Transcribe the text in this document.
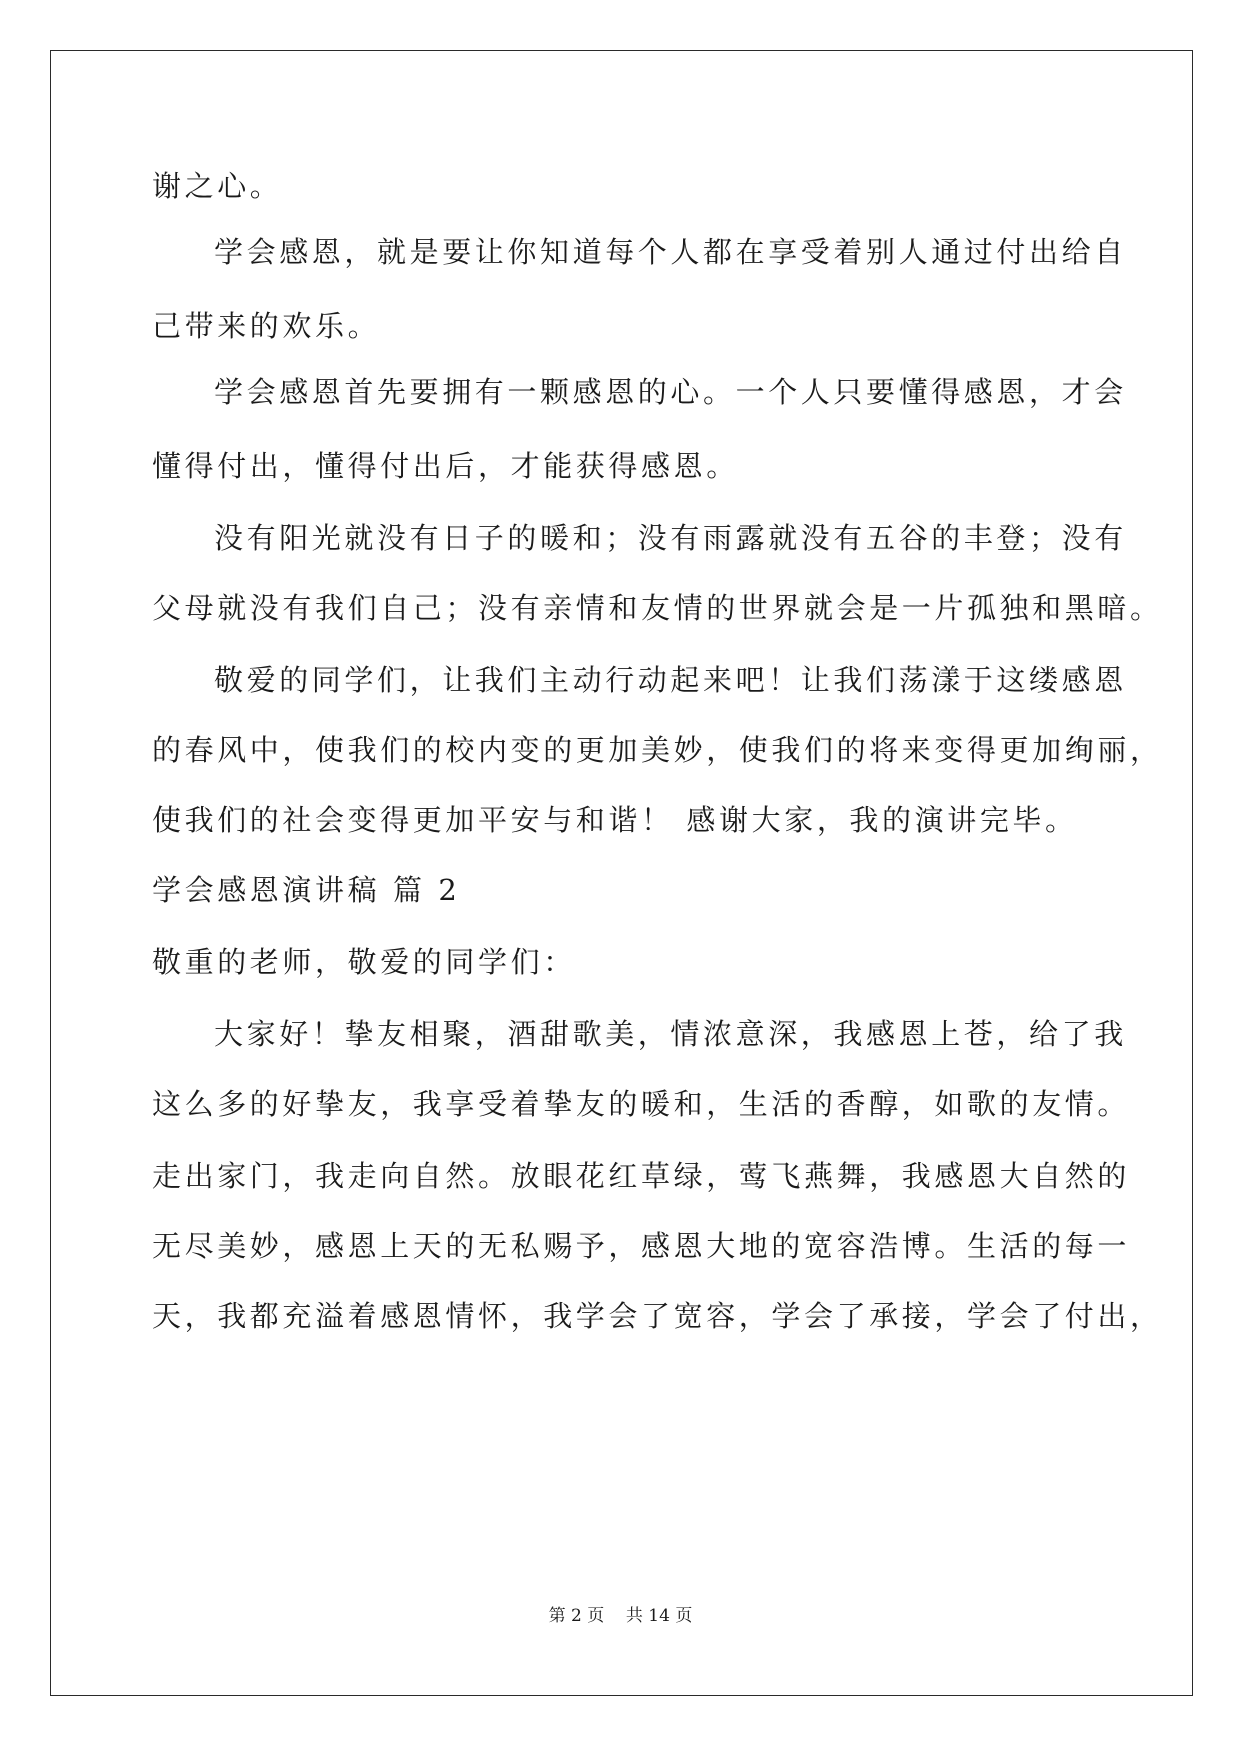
谢之心。
学会感恩，就是要让你知道每个人都在享受着别人通过付出给自
己带来的欢乐。
学会感恩首先要拥有一颗感恩的心。一个人只要懂得感恩，才会
懂得付出，懂得付出后，才能获得感恩。
没有阳光就没有日子的暖和；没有雨露就没有五谷的丰登；没有
父母就没有我们自己；没有亲情和友情的世界就会是一片孤独和黑暗。
敬爱的同学们，让我们主动行动起来吧！让我们荡漾于这缕感恩
的春风中，使我们的校内变的更加美妙，使我们的将来变得更加绚丽，
使我们的社会变得更加平安与和谐！ 感谢大家，我的演讲完毕。
学会感恩演讲稿 篇 2
敬重的老师，敬爱的同学们：
大家好！挚友相聚，酒甜歌美，情浓意深，我感恩上苍，给了我
这么多的好挚友，我享受着挚友的暖和，生活的香醇，如歌的友情。
走出家门，我走向自然。放眼花红草绿，莺飞燕舞，我感恩大自然的
无尽美妙，感恩上天的无私赐予，感恩大地的宽容浩博。生活的每一
天，我都充溢着感恩情怀，我学会了宽容，学会了承接，学会了付出，
第 2 页    共 14 页
